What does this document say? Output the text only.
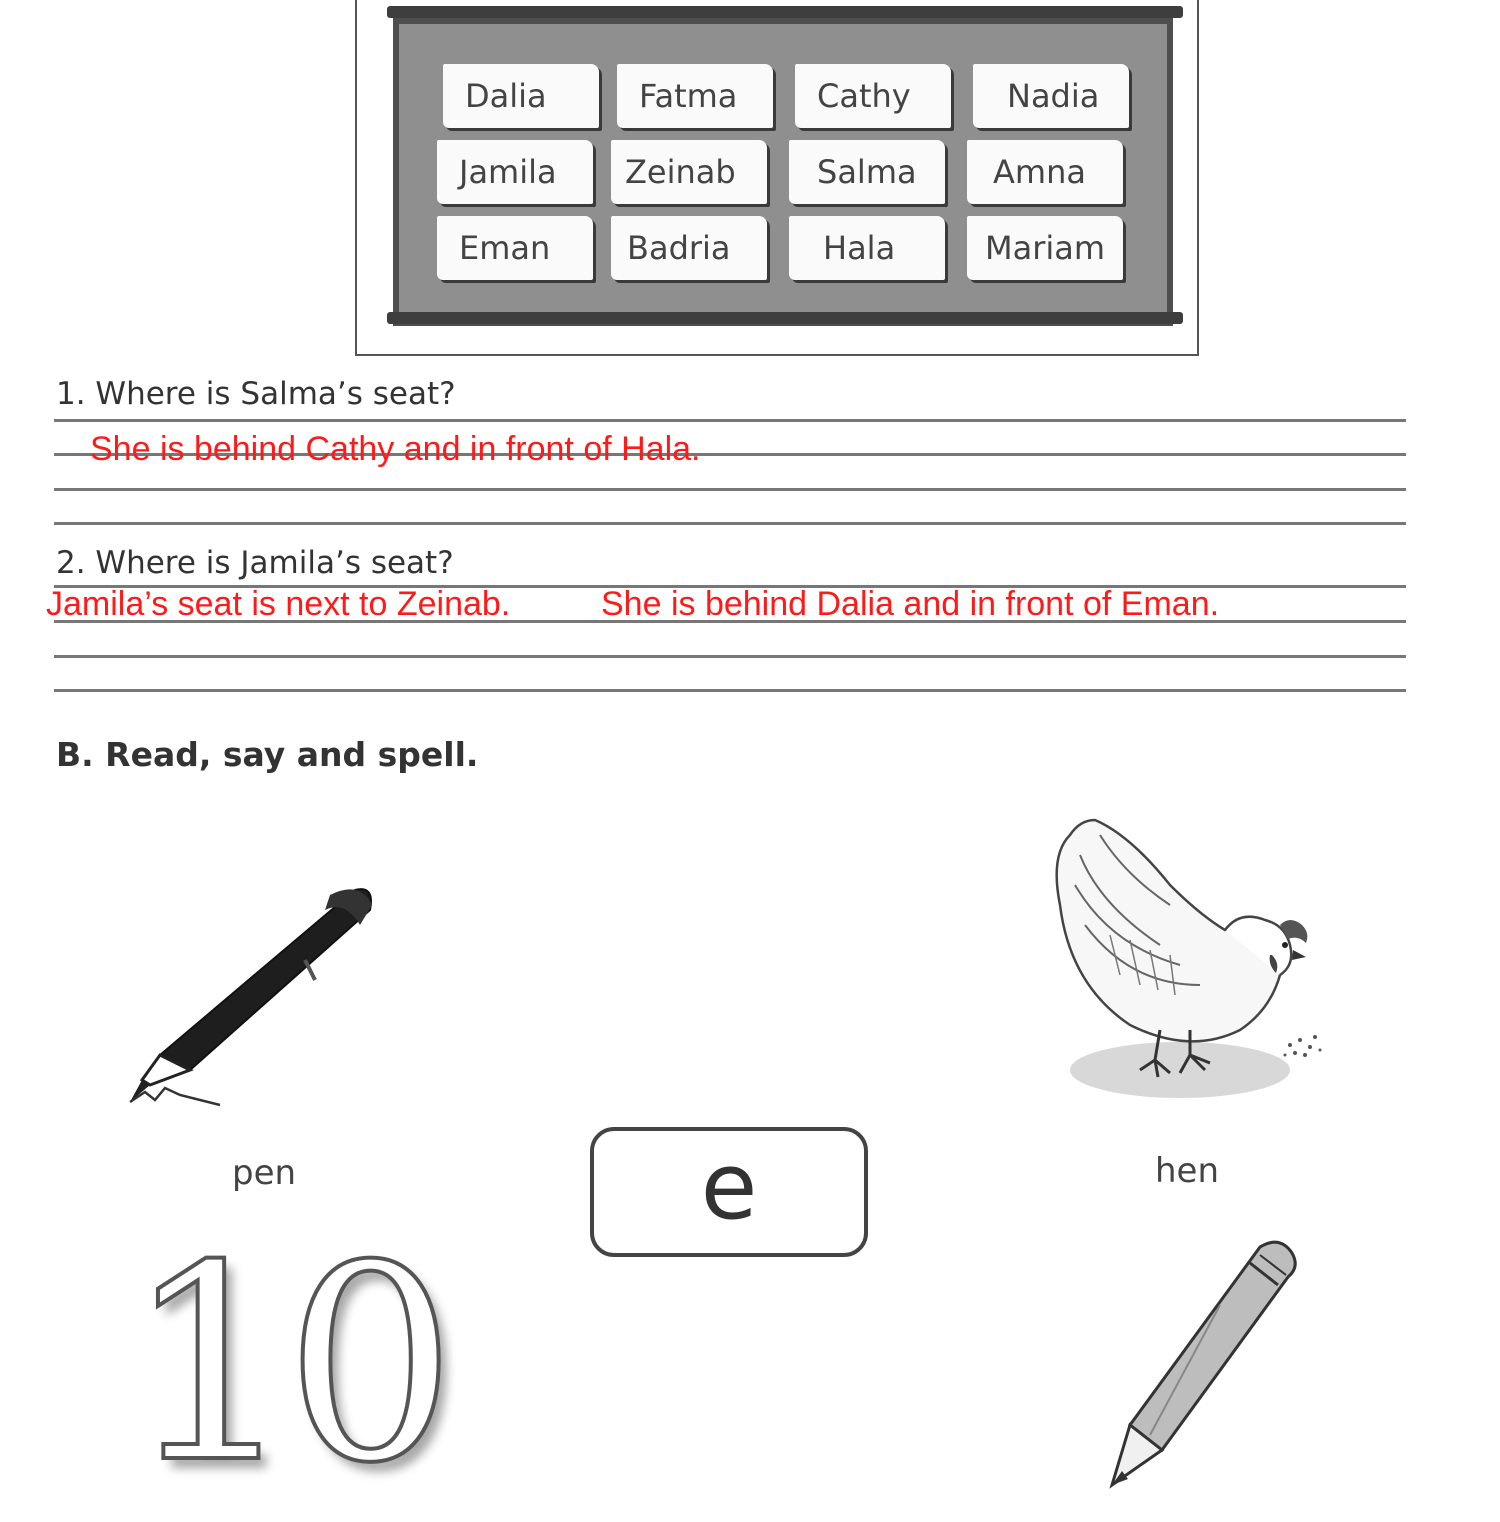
Dalia	Fatma	Cathy	Nadia
Jamila	Zeinab	Salma	Amna
Eman	Badria	Hala	Mariam
1. Where is Salma’s seat?
She is behind Cathy and in front of Hala.
2. Where is Jamila’s seat?
Jamila’s seat is next to Zeinab.	She is behind Dalia and in front of Eman.
B. Read, say and spell.
pen	hen
e
10
